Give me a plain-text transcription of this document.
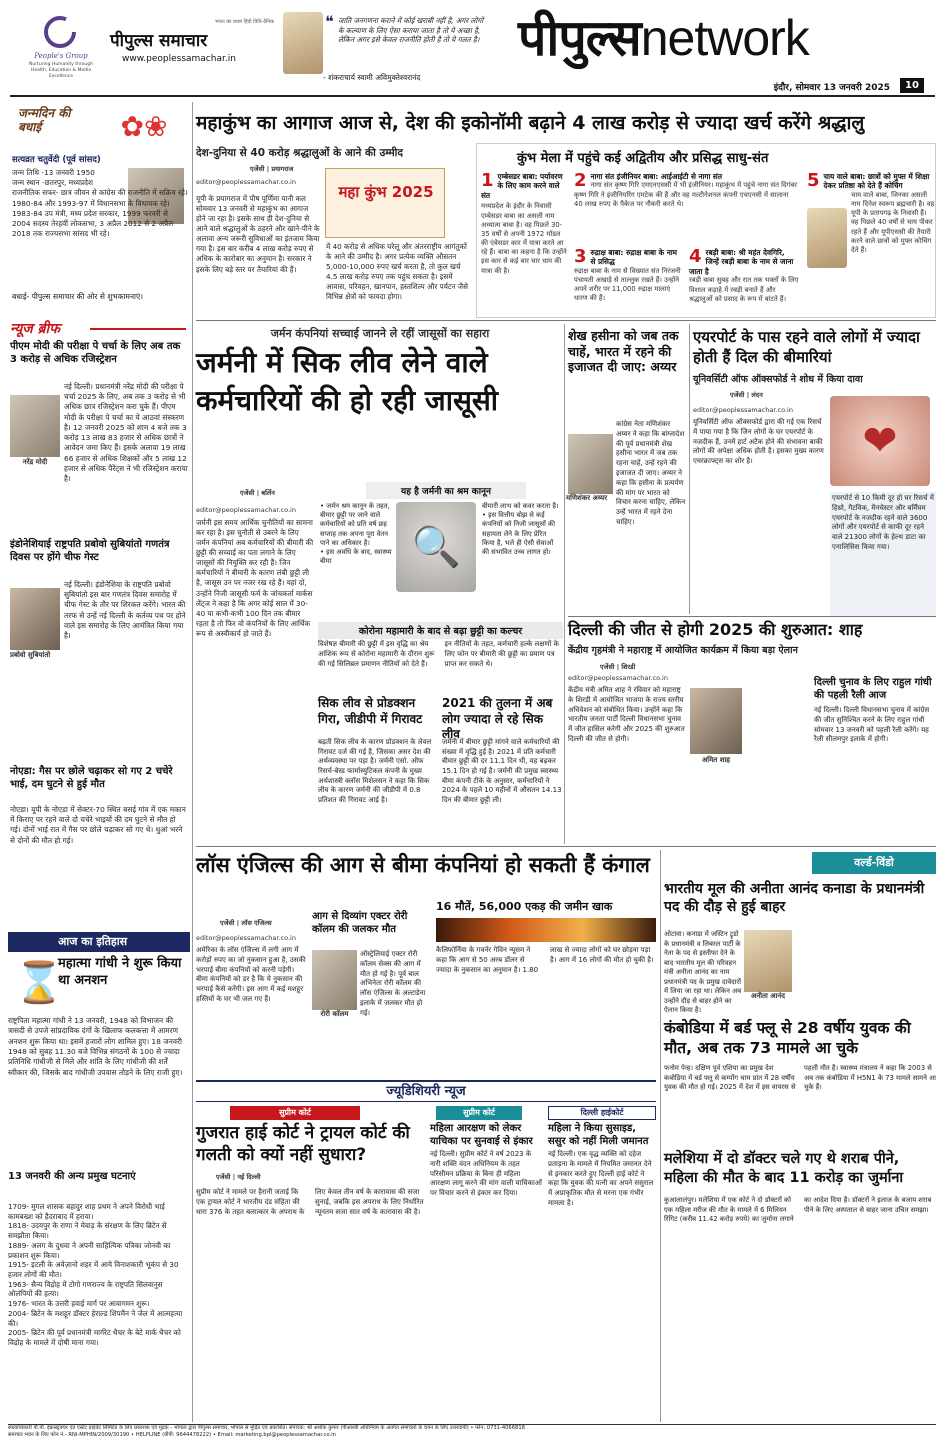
People's Group
Nurturing Humanity through Health, Education & Media Excellence
भारत का प्रथम हिंदी विधि-दैनिक
पीपुल्स समाचार
www.peoplessamachar.in
❝ जाति जनगणना कराने में कोई खराबी नहीं है, अगर लोगों के कल्याण के लिए ऐसा कराया जाता है तो ये अच्छा है, लेकिन अगर इसे केवल राजनीति होती है तो ये गलत है।
- शंकराचार्य स्वामी अविमुक्तेश्वरानंद
पीपुल्सnetwork
इंदौर, सोमवार 13 जनवरी 2025	10
जन्मदिन की बधाई	✿❀
सत्यव्रत चतुर्वेदी (पूर्व सांसद)
जन्म तिथि -13 जनवरी 1950
जन्म स्थान -छतरपुर, मध्यप्रदेश
राजनीतिक सफर- छात्र जीवन से कांग्रेस की राजनीति में सक्रिय रहे। 1980-84 और 1993-97 में विधानसभा के विधायक रहे। 1983-84 उप मंत्री, मध्य प्रदेश सरकार, 1999 फरवरी से 2004 सदस्य तेरहवीं लोकसभा, 3 अप्रैल 2012 से 2 अप्रैल 2018 तक राज्यसभा सांसद भी रहे।
बधाई- पीपुल्स समाचार की ओर से शुभकामनाएं।
न्यूज ब्रीफ
पीएम मोदी की परीक्षा पे चर्चा के लिए अब तक 3 करोड़ से अधिक रजिस्ट्रेशन
नरेंद्र मोदी
नई दिल्ली। प्रधानमंत्री नरेंद्र मोदी की परीक्षा पे चर्चा 2025 के लिए, अब तक 3 करोड़ से भी अधिक छात्र रजिस्ट्रेशन करा चुके हैं। पीएम मोदी के परीक्षा पे चर्चा का ये आठवां संस्करण है। 12 जनवरी 2025 को शाम 4 बजे तक 3 करोड़ 13 लाख 83 हजार से अधिक छात्रों ने आवेदन जमा किए हैं। इसके अलावा 19 लाख 66 हजार से अधिक शिक्षकों और 5 लाख 12 हजार से अधिक पैरेंट्स ने भी रजिस्ट्रेशन कराया है।
इंडोनेशियाई राष्ट्रपति प्रबोवो सुबियांतो गणतंत्र दिवस पर होंगे चीफ गेस्ट
प्रबोवो सुबियांतो
नई दिल्ली। इंडोनेशिया के राष्ट्रपति प्रबोवो सुबियांतो इस बार गणतंत्र दिवस समारोह में चीफ गेस्ट के तौर पर शिरकत करेंगे। भारत की तरफ से उन्हें नई दिल्ली के कर्तव्य पथ पर होने वाले इस समारोह के लिए आमंत्रित किया गया है।
नोएडा: गैस पर छोले चढ़ाकर सो गए 2 चचेरे भाई, दम घुटने से हुई मौत
नोएडा। यूपी के नोएडा में सेक्टर-70 स्थित बसई गांव में एक मकान में किराए पर रहने वाले दो चचेरे भाइयों की दम घुटने से मौत हो गई। दोनों भाई रात में गैस पर छोले चढ़ाकर सो गए थे। धुआं भरने से दोनों की मौत हो गई।
आज का इतिहास
⌛
महात्मा गांधी ने शुरू किया था अनशन
राष्ट्रपिता महात्मा गांधी ने 13 जनवरी, 1948 को विभाजन की त्रासदी से उपजे सांप्रदायिक दंगों के खिलाफ कलकत्ता में आमरण अनशन शुरू किया था। इसमें हजारों लोग शामिल हुए। 18 जनवरी 1948 को सुबह 11.30 बजे विभिन्न संगठनों के 100 से ज्यादा प्रतिनिधि गांधीजी से मिले और शांति के लिए गांधीजी की शर्तें स्वीकार की, जिसके बाद गांधीजी उपवास तोड़ने के लिए राजी हुए।
13 जनवरी की अन्य प्रमुख घटनाएं
1709- मुगल शासक बहादुर शाह प्रथम ने अपने विरोधी भाई कामबख्श को हैदराबाद में हराया।
1818- उदयपुर के राणा ने मेवाड़ के संरक्षण के लिए ब्रिटेन से समझौता किया।
1889- अलग के दुधवा ने अपनी साहित्यिक पत्रिका जोनवी का प्रकाशन शुरू किया।
1915- इटली के अवेज़ानो शहर में आये विनाशकारी भूकंप से 30 हजार लोगों की मौत।
1963- सैन्य विद्रोह में टोगो गणराज्य के राष्ट्रपति सिलवानुस ओलंपियों की हत्या।
1976- भारत के उत्तरी हवाई मार्ग पर आवागमन शुरू।
2004- ब्रिटेन के मशहूर डॉक्टर हेराल्ड शिपमैन ने जेल में आत्महत्या की।
2005- ब्रिटेन की पूर्व प्रधानमंत्री मार्गरेट थैचर के बेटे मार्क थैचर को विद्रोह के मामले में दोषी माना गया।
महाकुंभ का आगाज आज से, देश की इकोनॉमी बढ़ाने 4 लाख करोड़ से ज्यादा खर्च करेंगे श्रद्धालु
देश-दुनिया से 40 करोड़ श्रद्धालुओं के आने की उम्मीद
एजेंसी | प्रयागराज
editor@peoplessamachar.co.in
महा कुंभ 2025
यूपी के प्रयागराज में पौष पूर्णिमा यानी कल सोमवार 13 जनवरी से महाकुंभ का आगाज होने जा रहा है। इसके साथ ही देश-दुनिया से आने वाले श्रद्धालुओं के ठहरने और खाने-पीने के अलावा अन्य जरूरी सुविधाओं का इंतजाम किया गया है। इस बार करीब 4 लाख करोड़ रुपए से अधिक के कारोबार का अनुमान है। सरकार ने इसके लिए बड़े स्तर पर तैयारियां की हैं।
में 40 करोड़ से अधिक घरेलू और अंतरराष्ट्रीय आगंतुकों के आने की उम्मीद है। अगर प्रत्येक व्यक्ति औसतन 5,000-10,000 रुपए खर्च करता है, तो कुल खर्च 4.5 लाख करोड़ रुपए तक पहुंच सकता है। इसमें आवास, परिवहन, खानपान, हस्तशिल्प और पर्यटन जैसे विभिन्न क्षेत्रों को फायदा होगा।
कुंभ मेला में पहुंचे कई अद्वितीय और प्रसिद्ध साधु-संत
1 एम्बेसडर बाबा: पर्यावरण के लिए काम करने वाले संत
मध्यप्रदेश के इंदौर के निवासी एम्बेसडर बाबा का असली नाम अध्यात्म बाबा है। वह पिछले 30-35 वर्षों से अपनी 1972 मॉडल की एंबेसडर कार में यात्रा करते आ रहे हैं। बाबा का कहना है कि उन्होंने इस कार से कई बार चार धाम की यात्रा की है।
2 नागा संत इंजीनियर बाबा: आईआईटी से नागा संत
नागा संत कृष्ण गिरि एमएनएससी में भी इंजीनियर। महाकुंभ में पहुंचे नागा संत दिगंबर कृष्ण गिरि ने इंजीनियरिंग एमटेक की है और वह मल्टीनेशनल कंपनी एचएनसी में सालाना 40 लाख रुपए के पैकेज पर नौकरी करते थे।
3 रुद्राक्ष बाबा: रुद्राक्ष बाबा के नाम से प्रसिद्ध
रुद्राक्ष बाबा के नाम से विख्यात संत निरंजनी पंचायती अखाड़े से ताल्लुक रखते हैं। उन्होंने अपने शरीर पर 11,000 रुद्राक्ष मालाएं धारण की हैं।
4 रबड़ी बाबा: श्री महंत देवगिरि, जिन्हें रबड़ी बाबा के नाम से जाना जाता है
रबड़ी बाबा सुबह और रात तक भक्तों के लिए विशाल कड़ाहे में रबड़ी बनाते हैं और श्रद्धालुओं को प्रसाद के रूप में बांटते हैं।
5 चाय वाले बाबा: छात्रों को मुफ्त में शिक्षा देकर प्रतिष्ठा को देते हैं कोचिंग
चाय वाले बाबा, जिनका असली नाम दिनेश स्वरूप ब्रह्मचारी है। वह यूपी के प्रतापगढ़ के निवासी हैं। वह पिछले 40 वर्षों से चाय पीकर रहते हैं और यूपीएससी की तैयारी करने वाले छात्रों को मुफ्त कोचिंग देते हैं।
जर्मन कंपनियां सच्चाई जानने ले रहीं जासूसों का सहारा
जर्मनी में सिक लीव लेने वाले कर्मचारियों की हो रही जासूसी
एजेंसी | बर्लिन
editor@peoplessamachar.co.in
जर्मनी इस समय आर्थिक चुनौतियों का सामना कर रहा है। इस चुनौती से उबरने के लिए जर्मन कंपनियां अब कर्मचारियों की बीमारी की छुट्टी की सच्चाई का पता लगाने के लिए जासूसों की नियुक्ति कर रही हैं। जिन कर्मचारियों ने बीमारी के कारण लंबी छुट्टी ली है, जासूस उन पर नजर रख रहे हैं। यहां दो, उन्होंने निजी जासूसी फर्म के जांचकर्ता मार्कस लेंट्ज ने कहा है कि अगर कोई साल में 30-40 या कभी-कभी 100 दिन तक बीमार रहता है तो फिर वो कंपनियों के लिए आर्थिक रूप से अस्वीकार्य हो जाते हैं।
यह है जर्मनी का श्रम कानून
• जर्मन श्रम कानून के तहत, बीमार छुट्टी पर जाने वाले कर्मचारियों को प्रति वर्ष छह सप्ताह तक अपना पूरा वेतन पाने का अधिकार है।
• इस अवधि के बाद, स्वास्थ्य बीमा	🔍
बीमारी लाभ को कवर करता है।
• इस वित्तीय बोझ से कई कंपनियों को निजी जासूसों की सहायता लेने के लिए प्रेरित किया है, भले ही ऐसी सेवाओं की संभावित उच्च लागत हो।
कोरोना महामारी के बाद से बढ़ा छुट्टी का कल्चर
विशेषज्ञ बीमारी की छुट्टी में इस वृद्धि का श्रेय आंशिक रूप से कोरोना महामारी के दौरान शुरू की गई सिलिब्रल प्रमाणन नीतियों को देते हैं। इन नीतियों के तहत, कर्मचारी हल्के लक्षणों के लिए फोन पर बीमारी की छुट्टी का प्रमाण पत्र प्राप्त कर सकते थे।
सिक लीव से प्रोडक्शन गिरा, जीडीपी में गिरावट
बढ़ती सिक लीव के कारण प्रोडक्शन के लेवल गिरावट दर्ज की गई है, जिसका असर देश की अर्थव्यवस्था पर पड़ा है। जर्मनी एसो. ऑफ रिसर्च-बेस्ड फार्मास्युटिकल कंपनी के मुख्य अर्थशास्त्री क्लॉस मिशेलसन ने कहा कि सिक लीव के कारण जर्मनी की जीडीपी में 0.8 प्रतिशत की गिरावट आई है।
2021 की तुलना में अब लोग ज्यादा ले रहे सिक लीव
जर्मनी में बीमार छुट्टी मांगने वाले कर्मचारियों की संख्या में वृद्धि हुई है। 2021 में प्रति कर्मचारी बीमार छुट्टी की दर 11.1 दिन थी, यह बढ़कर 15.1 दिन हो गई है। जर्मनी की प्रमुख स्वास्थ्य बीमा कंपनी टीके के अनुसार, कर्मचारियों ने 2024 के पहले 10 महीनों में औसतन 14.13 दिन की बीमार छुट्टी ली।
शेख हसीना को जब तक चाहें, भारत में रहने की इजाजत दी जाए: अय्यर
मणिशंकर अय्यर
कांग्रेस नेता मणिशंकर अय्यर ने कहा कि बांग्लादेश की पूर्व प्रधानमंत्री शेख हसीना भारत में जब तक रहना चाहें, उन्हें रहने की इजाजत दी जाए। अय्यर ने कहा कि हसीना के प्रत्यर्पण की मांग पर भारत को विचार करना चाहिए, लेकिन उन्हें भारत में रहने देना चाहिए।
एयरपोर्ट के पास रहने वाले लोगों में ज्यादा होती हैं दिल की बीमारियां
यूनिवर्सिटी ऑफ ऑक्सफोर्ड ने शोध में किया दावा
एजेंसी | लंदन
editor@peoplessamachar.co.in
❤
यूनिवर्सिटी ऑफ ऑक्सफोर्ड द्वारा की गई एक रिसर्च में पाया गया है कि जिन लोगों के घर एयरपोर्ट के नजदीक हैं, उनमें हार्ट अटैक होने की संभावना बाकी लोगों की अपेक्षा अधिक होती है। इसका मुख्य कारण एयरक्राफ्ट्स का शोर है।
एयरपोर्ट से 10 किमी दूर हो घर रिसर्च में हिथ्रो, गैटविक, मैनचेस्टर और बर्मिंघम एयरपोर्ट के नजदीक रहने वाले 3600 लोगों और एयरपोर्ट से काफी दूर रहने वाले 21300 लोगों के हेल्थ डाटा का एनालिसिस किया गया।
दिल्ली की जीत से होगी 2025 की शुरुआत: शाह
केंद्रीय गृहमंत्री ने महाराष्ट्र में आयोजित कार्यक्रम में किया बड़ा ऐलान
एजेंसी | शिरडी
editor@peoplessamachar.co.in
अमित शाह
केंद्रीय मंत्री अमित शाह ने रविवार को महाराष्ट्र के शिरडी में आयोजित भाजपा के राज्य स्तरीय अधिवेशन को संबोधित किया। उन्होंने कहा कि भारतीय जनता पार्टी दिल्ली विधानसभा चुनाव में जीत हासिल करेगी और 2025 की शुरुआत दिल्ली की जीत से होगी।
दिल्ली चुनाव के लिए राहुल गांधी की पहली रैली आज
नई दिल्ली। दिल्ली विधानसभा चुनाव में कांग्रेस की जीत सुनिश्चित करने के लिए राहुल गांधी सोमवार 13 जनवरी को पहली रैली करेंगे। यह रैली सीलमपुर इलाके में होगी।
लॉस एंजिल्स की आग से बीमा कंपनियां हो सकती हैं कंगाल
एजेंसी | लॉस एंजिल्स
editor@peoplessamachar.co.in
अमेरिका के लॉस एंजिल्स में लगी आग में करोड़ों रुपए का जो नुकसान हुआ है, उसकी भरपाई बीमा कंपनियों को करनी पड़ेगी। बीमा कंपनियों को डर है कि ये नुकसान की भरपाई कैसे करेंगी। इस आग में कई मशहूर हस्तियों के घर भी जल गए हैं।
आग से दिव्यांग एक्टर रोरी कॉलम की जलकर मौत
रोरी कॉलम
ऑस्ट्रेलियाई एक्टर रोरी कॉलम सेक्स की आग में मौत हो गई है। पूर्व बाल अभिनेता रोरी कॉलम की लॉस एंजिल्स के अल्टाडेना इलाके में जलकर मौत हो गई।
16 मौतें, 56,000 एकड़ की जमीन खाक
कैलिफोर्निया के गवर्नर गेविन न्यूसम ने कहा कि आग से 50 अरब डॉलर से ज्यादा के नुकसान का अनुमान है। 1.80 लाख से ज्यादा लोगों को घर छोड़ना पड़ा है। आग में 16 लोगों की मौत हो चुकी है।
वर्ल्ड-विंडो
भारतीय मूल की अनीता आनंद कनाडा के प्रधानमंत्री पद की दौड़ से हुई बाहर
अनीता आनंद
ओटावा। कनाडा में जस्टिन ट्रूडो के प्रधानमंत्री व लिबरल पार्टी के नेता के पद से इस्तीफा देने के बाद भारतीय मूल की परिवहन मंत्री अनीता आनंद का नाम प्रधानमंत्री पद के प्रमुख दावेदारों में लिया जा रहा था। लेकिन अब उन्होंने दौड़ से बाहर होने का ऐलान किया है।
कंबोडिया में बर्ड फ्लू से 28 वर्षीय युवक की मौत, अब तक 73 मामले आ चुके
फनोम पेन्ह। दक्षिण पूर्व एशिया का प्रमुख देश कंबोडिया में बर्ड फ्लू से कम्पोंग चाम प्रांत में 28 वर्षीय युवक की मौत हो गई। 2025 में देश में इस वायरस से पहली मौत है। स्वास्थ्य मंत्रालय ने कहा कि 2003 से अब तक कंबोडिया में H5N1 के 73 मामले सामने आ चुके हैं।
मलेशिया में दो डॉक्टर चले गए थे शराब पीने, महिला की मौत के बाद 11 करोड़ का जुर्माना
कुआलालंपुर। मलेशिया में एक कोर्ट ने दो डॉक्टरों को एक महिला मरीज की मौत के मामले में 6 मिलियन रिंगिट (करीब 11.42 करोड़ रुपये) का जुर्माना लगाने का आदेश दिया है। डॉक्टरों ने इलाज के बजाय शराब पीने के लिए अस्पताल से बाहर जाना उचित समझा।
ज्यूडिशियरी न्यूज
सुप्रीम कोर्ट
गुजरात हाई कोर्ट ने ट्रायल कोर्ट की गलती को क्यों नहीं सुधारा?
एजेंसी | नई दिल्ली
सुप्रीम कोर्ट ने मामले पर हैरानी जताई कि एक ट्रायल कोर्ट ने भारतीय दंड संहिता की धारा 376 के तहत बलात्कार के अपराध के लिए केवल तीन वर्ष के कारावास की सजा सुनाई, जबकि इस अपराध के लिए निर्धारित न्यूनतम सजा सात वर्ष के कारावास की है।
सुप्रीम कोर्ट
महिला आरक्षण को लेकर याचिका पर सुनवाई से इंकार
नई दिल्ली। सुप्रीम कोर्ट ने वर्ष 2023 के नारी शक्ति वंदन अधिनियम के तहत परिसीमन प्रक्रिया के बिना ही महिला आरक्षण लागू करने की मांग वाली याचिकाओं पर विचार करने से इंकार कर दिया।
दिल्ली हाईकोर्ट
महिला ने किया सुसाइड, ससुर को नहीं मिली जमानत
नई दिल्ली। एक वृद्ध व्यक्ति को दहेज प्रताड़ना के मामले में नियमित जमानत देने से इनकार करते हुए दिल्ली हाई कोर्ट ने कहा कि युवक की पत्नी का अपने ससुराल में अप्राकृतिक मौत से मरना एक गंभीर मामला है।
स्वत्वाधिकारी पी.पी. इंफ्रास्ट्रक्चर एंड एस्टेट प्राइवेट लिमिटेड के लिए प्रकाशक एवं मुद्रक - भोपाल द्वारा पीपुल्स समाचार, भोपाल से मुद्रित एवं प्रकाशित। संपादक: श्री अशोक कुमार (पीआरबी अधिनियम के अंतर्गत समाचारों के चयन के लिए उत्तरदायी) • फोन: 0731-4066818
समाचार भवन के लिए फोन नं.- RNI-MPHIN/2009/30190 • HELPLINE (बीपी: 9644478222) • Email: marketing.bpl@peoplessamachar.co.in
